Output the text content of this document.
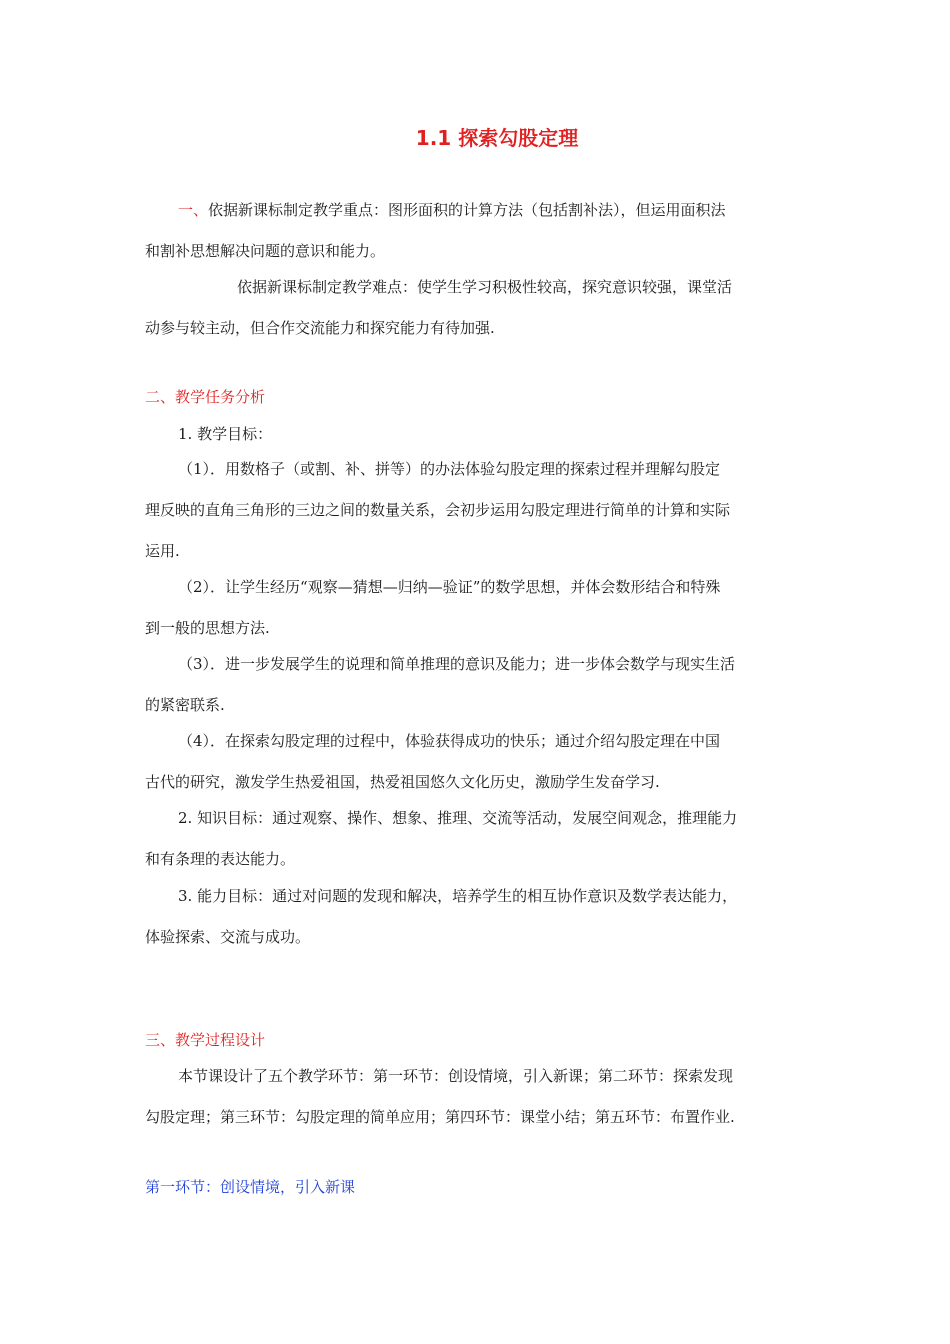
1.1 探索勾股定理
一、依据新课标制定教学重点：图形面积的计算方法（包括割补法），但运用面积法
和割补思想解决问题的意识和能力。
依据新课标制定教学难点：使学生学习积极性较高，探究意识较强，课堂活
动参与较主动，但合作交流能力和探究能力有待加强.
二、教学任务分析
1. 教学目标：
（1）．用数格子（或割、补、拼等）的办法体验勾股定理的探索过程并理解勾股定
理反映的直角三角形的三边之间的数量关系，会初步运用勾股定理进行简单的计算和实际
运用.
（2）．让学生经历“观察—猜想—归纳—验证”的数学思想，并体会数形结合和特殊
到一般的思想方法.
（3）．进一步发展学生的说理和简单推理的意识及能力；进一步体会数学与现实生活
的紧密联系.
（4）．在探索勾股定理的过程中，体验获得成功的快乐；通过介绍勾股定理在中国
古代的研究，激发学生热爱祖国，热爱祖国悠久文化历史，激励学生发奋学习.
2. 知识目标：通过观察、操作、想象、推理、交流等活动，发展空间观念，推理能力
和有条理的表达能力。
3. 能力目标：通过对问题的发现和解决，培养学生的相互协作意识及数学表达能力，
体验探索、交流与成功。
三、教学过程设计
本节课设计了五个教学环节：第一环节：创设情境，引入新课；第二环节：探索发现
勾股定理；第三环节：勾股定理的简单应用；第四环节：课堂小结；第五环节：布置作业.
第一环节：创设情境，引入新课
